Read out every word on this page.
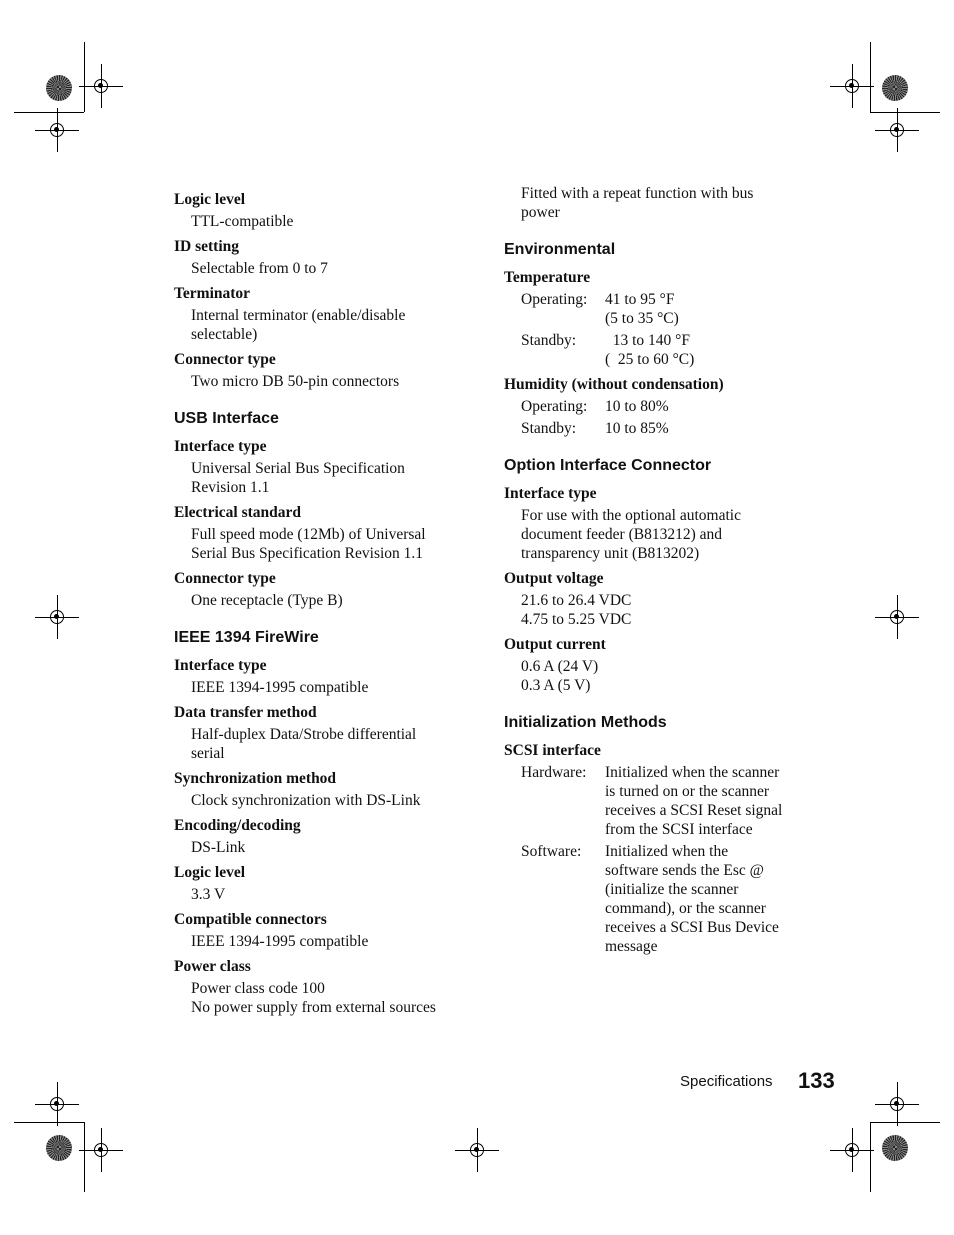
Logic level

TTL-compatible

ID setting

Selectable from 0 to 7

Terminator

Internal terminator (enable/disable

selectable)

Connector type

Two micro DB 50-pin connectors

USB Interface
Interface type

Universal Serial Bus Specification

Revision 1.1

Electrical standard

Full speed mode (12Mb) of Universal

Serial Bus Specification Revision 1.1

Connector type

One receptacle (Type B)

IEEE 1394 FireWire
Interface type

IEEE 1394-1995 compatible

Data transfer method

Half-duplex Data/Strobe differential

serial

Synchronization method

Clock synchronization with DS-Link

Encoding/decoding

DS-Link

Logic level

3.3 V

Compatible connectors

IEEE 1394-1995 compatible

Power class

Power class code 100

No power supply from external sources

Fitted with a repeat function with bus
power
Environmental
Temperature
Operating:	41 to 95 °F

(5 to 35 °C)

Standby:	13 to 140 °F

(  25 to 60 °C)

Humidity (without condensation)
Operating:	10 to 80%

Standby:	10 to 85%

Option Interface Connector
Interface type

For use with the optional automatic

document feeder (B813212) and

transparency unit (B813202)

Output voltage

21.6 to 26.4 VDC

4.75 to 5.25 VDC

Output current

0.6 A (24 V)

0.3 A (5 V)

Initialization Methods
SCSI interface
Hardware:	Initialized when the scanner

is turned on or the scanner

receives a SCSI Reset signal

from the SCSI interface

Software:	Initialized when the

software sends the Esc @

(initialize the scanner

command), or the scanner

receives a SCSI Bus Device

message

Specifications 133
